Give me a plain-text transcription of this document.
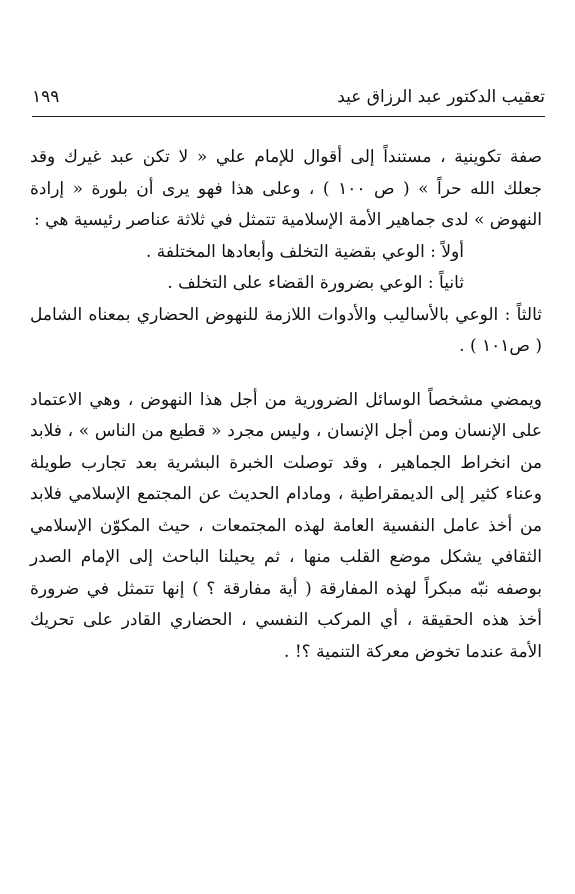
تعقيب الدكتور عبد الرزاق عيد
١٩٩

صفة تكوينية ، مستنداً إلى أقوال للإمام علي « لا تكن عبد غيرك وقد جعلك الله حراً » ( ص ١٠٠ ) ، وعلى هذا فهو يرى أن بلورة « إرادة النهوض » لدى جماهير الأمة الإسلامية تتمثل في ثلاثة عناصر رئيسية هي :

أولاً : الوعي بقضية التخلف وأبعادها المختلفة .

ثانياً : الوعي بضرورة القضاء على التخلف .

ثالثاً : الوعي بالأساليب والأدوات اللازمة للنهوض الحضاري بمعناه الشامل ( ص١٠١ ) .

ويمضي مشخصاً الوسائل الضرورية من أجل هذا النهوض ، وهي الاعتماد على الإنسان ومن أجل الإنسان ، وليس مجرد « قطيع من الناس » ، فلابد من انخراط الجماهير ، وقد توصلت الخبرة البشرية بعد تجارب طويلة وعناء كثير إلى الديمقراطية ، ومادام الحديث عن المجتمع الإسلامي فلابد من أخذ عامل النفسية العامة لهذه المجتمعات ، حيث المكوّن الإسلامي الثقافي يشكل موضع القلب منها ، ثم يحيلنا الباحث إلى الإمام الصدر بوصفه نبّه مبكراً لهذه المفارقة ( أية مفارقة ؟ ) إنها تتمثل في ضرورة أخذ هذه الحقيقة ، أي المركب النفسي ، الحضاري القادر على تحريك الأمة عندما تخوض معركة التنمية ؟! .
